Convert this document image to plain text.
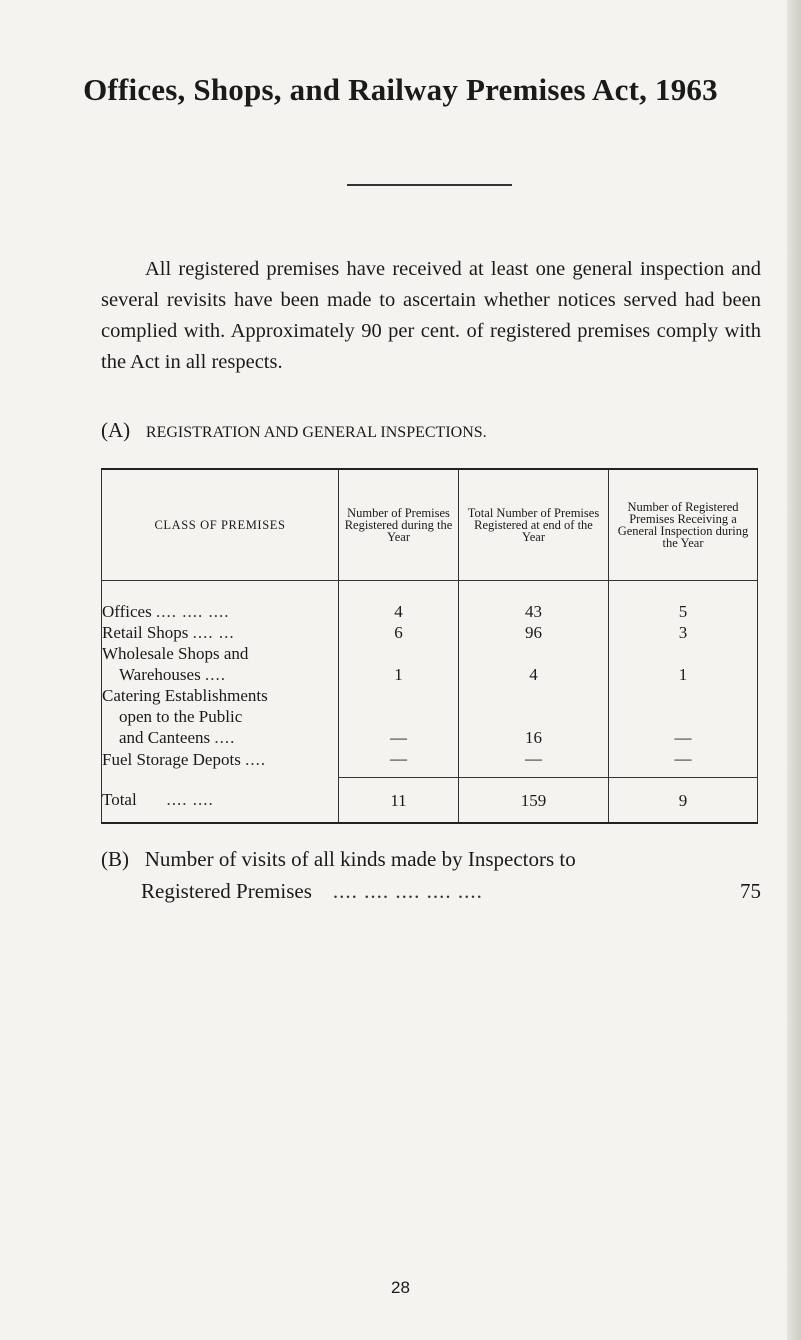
Offices, Shops, and Railway Premises Act, 1963

All registered premises have received at least one general inspection and several revisits have been made to ascertain whether notices served had been complied with. Approximately 90 per cent. of registered premises comply with the Act in all respects.

(A) REGISTRATION AND GENERAL INSPECTIONS.
CLASS OF PREMISES	Number of Premises Registered during the Year	Total Number of Premises Registered at end of the Year	Number of Registered Premises Receiving a General Inspection during the Year
Offices .... .... ....	4	43	5
Retail Shops .... ...	6	96	3
Wholesale Shops and
Warehouses ....	1	4	1
Catering Establishments
open to the Public
and Canteens ....	—	16	—
Fuel Storage Depots ....	—	—	—
Total .... ....	11	159	9
(B) Number of visits of all kinds made by Inspectors to
Registered Premises .... .... .... .... ....	75
28
